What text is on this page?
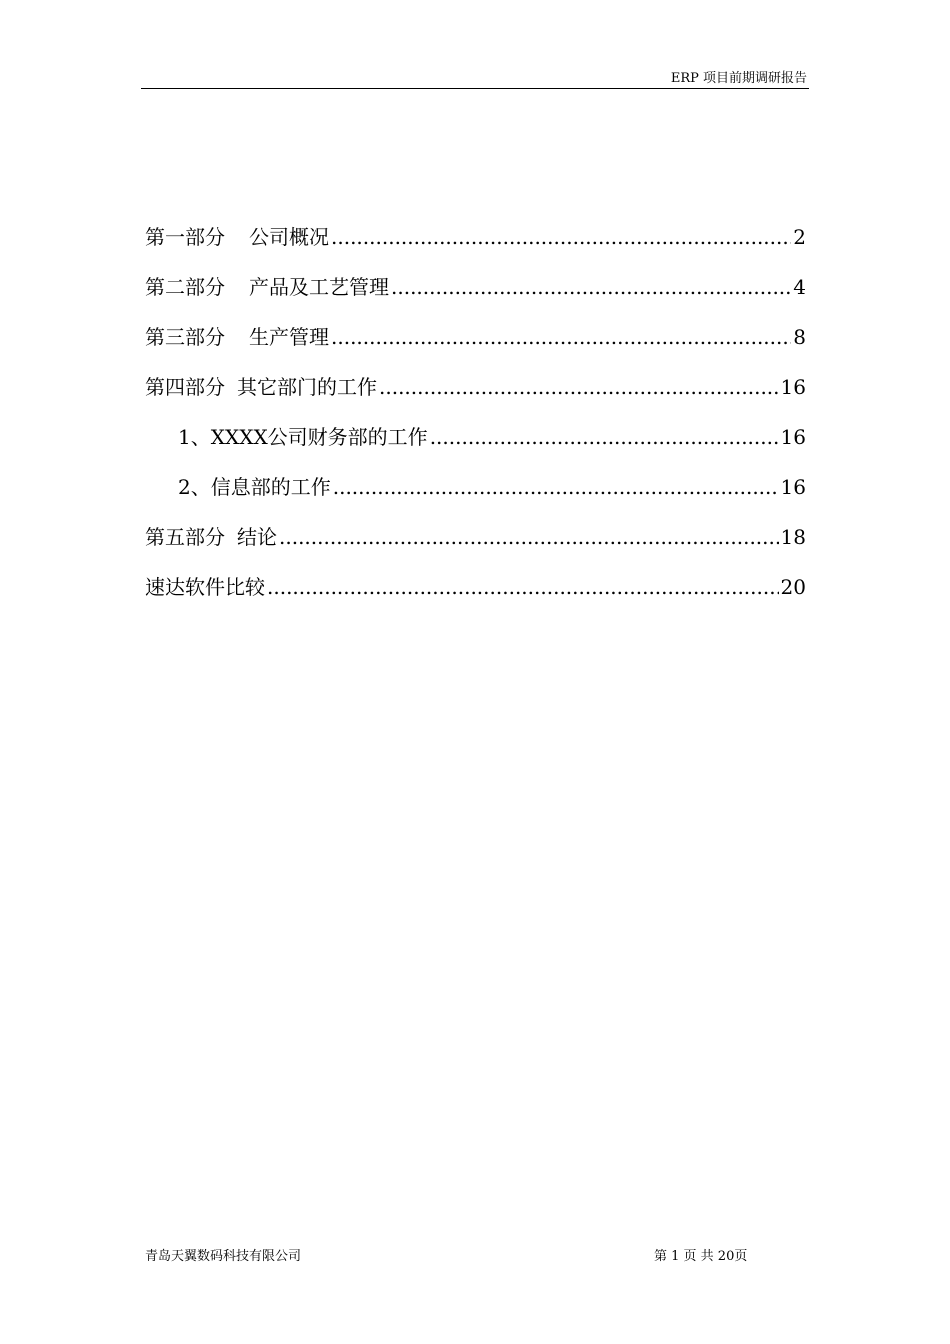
ERP 项目前期调研报告
第一部分 公司概况 .....	2
第二部分 产品及工艺管理 .....	4
第三部分 生产管理 .....	8
第四部分 其它部门的工作 .....	16
1、XXXX公司财务部的工作 .....	16
2、信息部的工作 .....	16
第五部分 结论 .....	18
速达软件比较 .....	20
青岛天翼数码科技有限公司	第 1 页 共 20页
